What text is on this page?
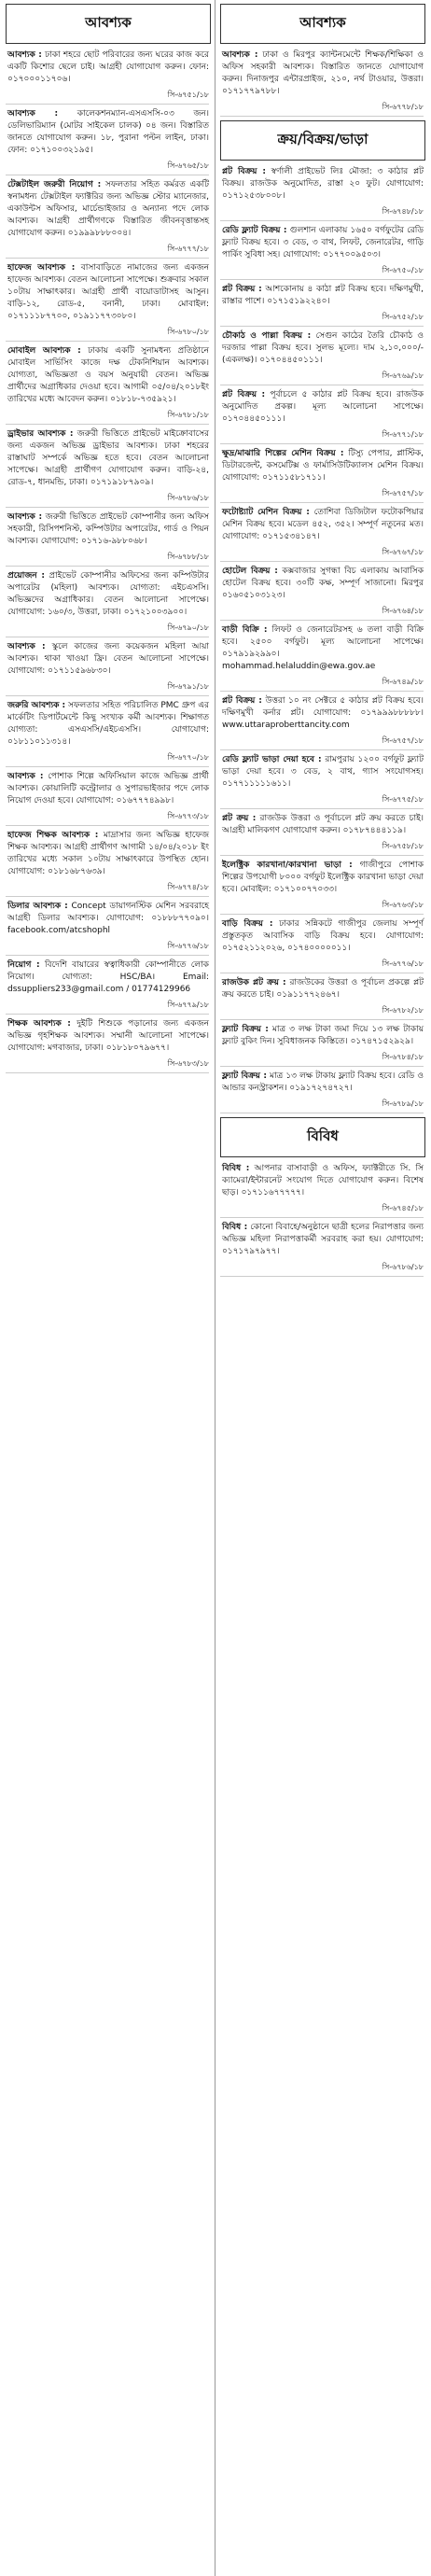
আবশ্যক
আবশ্যক : ঢাকা শহরে ছোট পরিবারের জন্য ঘরের কাজ করে একটি কিশোর ছেলে চাই। আগ্রহী যোগাযোগ করুন। ফোন: ০১৭০০০১১৭০৬।
সি-৬৭৫১/১৮
আবশ্যক : কালেকশনম্যান-এসএসসি-০৩ জন। ডেলিভারিম্যান (মোটর সাইকেল চালক) ০৪ জন। বিস্তারিত জানতে যোগাযোগ করুন। ১৮, পুরানা পল্টন লাইন, ঢাকা। ফোন: ০১৭১০০৩২১৯৫।
সি-৬৭৬৫/১৮
টেক্সটাইল জরুরী নিয়োগ : সফলতার সহিত কর্মরত একটি স্বনামধন্য টেক্সটাইল ফ্যাক্টরির জন্য অভিজ্ঞ স্টোর ম্যানেজার, একাউন্টস অফিসার, মার্চেন্ডাইজার ও অন্যান্য পদে লোক আবশ্যক। আগ্রহী প্রার্থীগণকে বিস্তারিত জীবনবৃত্তান্তসহ যোগাযোগ করুন। ০১৯৯৯৮৮৮০০৪।
সি-৬৭৭৭/১৮
হাফেজ আবশ্যক : বাসাবাড়িতে নামাজের জন্য একজন হাফেজ আবশ্যক। বেতন আলোচনা সাপেক্ষে। শুক্রবার সকাল ১০টায় সাক্ষাৎকার। আগ্রহী প্রার্থী বায়োডাটাসহ আসুন। বাড়ি-১২, রোড-৫, বনানী, ঢাকা। মোবাইল: ০১৭১১১৮৭৭০০, ০১৯১১৭৭৩০৮০।
সি-৬৭৮০/১৮
মোবাইল আবশ্যক : ঢাকায় একটি সুনামধন্য প্রতিষ্ঠানে মোবাইল সার্ভিসিং কাজে দক্ষ টেকনিশিয়ান আবশ্যক। যোগ্যতা, অভিজ্ঞতা ও বয়স অনুযায়ী বেতন। অভিজ্ঞ প্রার্থীদের অগ্রাধিকার দেওয়া হবে। আগামী ০৫/০৪/২০১৮ইং তারিখের মধ্যে আবেদন করুন। ০১৮১৮-৭৩৫৯২১।
সি-৬৭৮১/১৮
ড্রাইভার আবশ্যক : জরুরী ভিত্তিতে প্রাইভেট মাইক্রোবাসের জন্য একজন অভিজ্ঞ ড্রাইভার আবশ্যক। ঢাকা শহরের রাস্তাঘাট সম্পর্কে অভিজ্ঞ হতে হবে। বেতন আলোচনা সাপেক্ষে। আগ্রহী প্রার্থীগণ যোগাযোগ করুন। বাড়ি-২৪, রোড-৭, ধানমন্ডি, ঢাকা। ০১৭১৯১৮৭৯০৯।
সি-৬৭৮৬/১৮
আবশ্যক : জরুরী ভিত্তিতে প্রাইভেট কোম্পানীর জন্য অফিস সহকারী, রিসিপশনিস্ট, কম্পিউটার অপারেটর, গার্ড ও পিয়ন আবশ্যক। যোগাযোগ: ০১৭১৬-৯৮৮০৬৮।
সি-৬৭৮৮/১৮
প্রয়োজন : প্রাইভেট কোম্পানীর অফিসের জন্য কম্পিউটার অপারেটর (মহিলা) আবশ্যক। যোগ্যতা: এইচএসসি। অভিজ্ঞদের অগ্রাধিকার। বেতন আলোচনা সাপেক্ষে। যোগাযোগ: ১৬০/৩, উত্তরা, ঢাকা। ০১৭২১০০৩৯০০।
সি-৬৭৯০/১৮
আবশ্যক : স্কুলে কাজের জন্য কয়েকজন মহিলা আয়া আবশ্যক। থাকা খাওয়া ফ্রি। বেতন আলোচনা সাপেক্ষে। যোগাযোগ: ০১৭১১৫৯৬৮৩০।
সি-৬৭৯১/১৮
জরুরি আবশ্যক : সফলতার সহিত পরিচালিত PMC গ্রুপ এর মার্কেটিং ডিপার্টমেন্টে কিছু সংখ্যক কর্মী আবশ্যক। শিক্ষাগত যোগ্যতা: এসএসসি/এইচএসসি। যোগাযোগ: ০১৮১১০১১৩১৪।
সি-৬৭৭০/১৮
আবশ্যক : পোশাক শিল্পে অফিসিয়াল কাজে অভিজ্ঞ প্রার্থী আবশ্যক। কোয়ালিটি কন্ট্রোলার ও সুপারভাইজার পদে লোক নিয়োগ দেওয়া হবে। যোগাযোগ: ০১৬৭৭৭৪৯৯৮।
সি-৬৭৭৩/১৮
হাফেজ শিক্ষক আবশ্যক : মাদ্রাসার জন্য অভিজ্ঞ হাফেজ শিক্ষক আবশ্যক। আগ্রহী প্রার্থীগণ আগামী ১৪/০৪/২০১৮ ইং তারিখের মধ্যে সকাল ১০টায় সাক্ষাৎকারে উপস্থিত হোন। যোগাযোগ: ০১৮১৬৮৭৬৩৯।
সি-৬৭৭৪/১৮
ডিলার আবশ্যক : Concept ডায়াগনস্টিক মেশিন সরবরাহে আগ্রহী ডিলার আবশ্যক। যোগাযোগ: ০১৮৮৮৭৭০৯০। facebook.com/atcshophl
সি-৬৭৭৬/১৮
নিয়োগ : বিদেশি বায়ারের স্বত্বাধিকারী কোম্পানীতে লোক নিয়োগ। যোগ্যতা: HSC/BA। Email: dssuppliers233@gmail.com / 01774129966
সি-৬৭৭৯/১৮
শিক্ষক আবশ্যক : দুইটি শিশুকে পড়ানোর জন্য একজন অভিজ্ঞ গৃহশিক্ষক আবশ্যক। সম্মানী আলোচনা সাপেক্ষে। যোগাযোগ: মগবাজার, ঢাকা। ০১৮১৮০৭৯৬৭৭।
সি-৬৭৮৩/১৮
আবশ্যক
আবশ্যক : ঢাকা ও মিরপুর ক্যান্টনমেন্টে শিক্ষক/শিক্ষিকা ও অফিস সহকারী আবশ্যক। বিস্তারিত জানতে যোগাযোগ করুন। দিনাজপুর এন্টারপ্রাইজ, ২১০, নর্থ টাওয়ার, উত্তরা। ০১৭১৭৭৯৭৮৮।
সি-৬৭৭৮/১৮
ক্রয়/বিক্রয়/ভাড়া
প্লট বিক্রয় : স্বর্ণালী প্রাইভেট লিঃ মৌজা: ৩ কাঠার প্লট বিক্রয়। রাজউক অনুমোদিত, রাস্তা ২০ ফুট। যোগাযোগ: ০১৭১২৫৩৮০০৮।
সি-৬৭৪৮/১৮
রেডি ফ্ল্যাট বিক্রয় : গুলশান এলাকায় ১৬৫০ বর্গফুটের রেডি ফ্ল্যাট বিক্রয় হবে। ৩ বেড, ৩ বাথ, লিফট, জেনারেটর, গাড়ি পার্কিং সুবিধা সহ। যোগাযোগ: ০১৭৭০০৯৫০৩।
সি-৬৭৫০/১৮
প্লট বিক্রয় : আশকোনায় ৪ কাঠা প্লট বিক্রয় হবে। দক্ষিণমুখী, রাস্তার পাশে। ০১৭১৫১৯২২৪০।
সি-৬৭৫২/১৮
চৌকাঠ ও পাল্লা বিক্রয় : সেগুন কাঠের তৈরি চৌকাঠ ও দরজার পাল্লা বিক্রয় হবে। সুলভ মূল্যে। দাম ২,১০,০০০/- (একলক্ষ)। ০১৭০৪৪৫০১১১।
সি-৬৭৬৯/১৮
প্লট বিক্রয় : পূর্বাচলে ৫ কাঠার প্লট বিক্রয় হবে। রাজউক অনুমোদিত প্রকল্প। মূল্য আলোচনা সাপেক্ষে। ০১৭০৪৪৫০১১১।
সি-৬৭৭১/১৮
ক্ষুদ্র/মাঝারি শিল্পের মেশিন বিক্রয় : টিস্যু পেপার, প্লাস্টিক, ডিটারজেন্ট, কসমেটিক্স ও ফার্মাসিউটিক্যালস মেশিন বিক্রয়। যোগাযোগ: ০১৭১১৫৮১৭১১।
সি-৬৭৫৭/১৮
ফটোষ্ট্যাট মেশিন বিক্রয় : তোশিবা ডিজিটাল ফটোকপিয়ার মেশিন বিক্রয় হবে। মডেল ৪৫২, ৩৫২। সম্পূর্ণ নতুনের মত। যোগাযোগ: ০১৭১৫৩৪১৪৭।
সি-৬৭৬৭/১৮
হোটেল বিক্রয় : কক্সবাজার সুগন্ধা বিচ এলাকায় আবাসিক হোটেল বিক্রয় হবে। ৩০টি কক্ষ, সম্পূর্ণ সাজানো। মিরপুর ০১৬০৫১০৩১২৩।
সি-৬৭৬৪/১৮
বাড়ী বিক্রি : লিফট ও জেনারেটরসহ ৬ তলা বাড়ী বিক্রি হবে। ২৫০০ বর্গফুট। মূল্য আলোচনা সাপেক্ষে। ০১৭৯১৯২৯৯০। mohammad.helaluddin@ewa.gov.ae
সি-৬৭৪৯/১৮
প্লট বিক্রয় : উত্তরা ১০ নং সেক্টরে ৫ কাঠার প্লট বিক্রয় হবে। দক্ষিণমুখী কর্নার প্লট। যোগাযোগ: ০১৭৯৯৯৮৮৮৮৮। www.uttaraproberttancity.com
সি-৬৭৫৭/১৮
রেডি ফ্ল্যাট ভাড়া দেয়া হবে : রামপুরায় ১২০০ বর্গফুট ফ্ল্যাট ভাড়া দেয়া হবে। ৩ বেড, ২ বাথ, গ্যাস সংযোগসহ। ০১৭৭১১১১১৬১১।
সি-৬৭৭৫/১৮
প্লট ক্রয় : রাজউক উত্তরা ও পূর্বাচলে প্লট ক্রয় করতে চাই। আগ্রহী মালিকগণ যোগাযোগ করুন। ০১৭৮৭৪৪৪১১৯।
সি-৬৭৫৮/১৮
ইলেক্ট্রিক কারখানা/কারখানা ভাড়া : গাজীপুরে পোশাক শিল্পের উপযোগী ৮০০০ বর্গফুট ইলেক্ট্রিক কারখানা ভাড়া দেয়া হবে। মোবাইল: ০১৭১০০৭৭০৩৩।
সি-৬৭৬৩/১৮
বাড়ি বিক্রয় : ঢাকার সন্নিকটে গাজীপুর জেলায় সম্পূর্ণ প্রস্তুতকৃত আবাসিক বাড়ি বিক্রয় হবে। যোগাযোগ: ০১৭৫২১১২০২৬, ০১৭৪০০০০০১১।
সি-৬৭৭৬/১৮
রাজউক প্লট ক্রয় : রাজউকের উত্তরা ও পূর্বাচল প্রকল্পে প্লট ক্রয় করতে চাই। ০১৯১১৭৭২৪৬৭।
সি-৬৭৮২/১৮
ফ্ল্যাট বিক্রয় : মাত্র ৩ লক্ষ টাকা জমা দিয়ে ১৩ লক্ষ টাকায় ফ্ল্যাট বুকিং দিন। সুবিধাজনক কিস্তিতে। ০১৭৪৭১৫২৯২৯।
সি-৬৭৮৪/১৮
ফ্ল্যাট বিক্রয় : মাত্র ১৩ লক্ষ টাকায় ফ্ল্যাট বিক্রয় হবে। রেডি ও আন্ডার কনস্ট্রাকশন। ০১৯১৭২৭৪৭২৭।
সি-৬৭৮৯/১৮
বিবিধ
বিবিধ : আপনার বাসাবাড়ী ও অফিস, ফ্যাক্টরীতে সি. সি ক্যামেরা/ইন্টারনেট সংযোগ দিতে যোগাযোগ করুন। বিশেষ ছাড়। ০১৭১১৬৭৭৭৭৭।
সি-৬৭৪৫/১৮
বিবিধ : কোনো বিবাহে/অনুষ্ঠানে ছাত্রী হলের নিরাপত্তার জন্য অভিজ্ঞ মহিলা নিরাপত্তাকর্মী সরবরাহ করা হয়। যোগাযোগ: ০১৭১৭৯৭৯৭৭।
সি-৬৭৮৬/১৮
